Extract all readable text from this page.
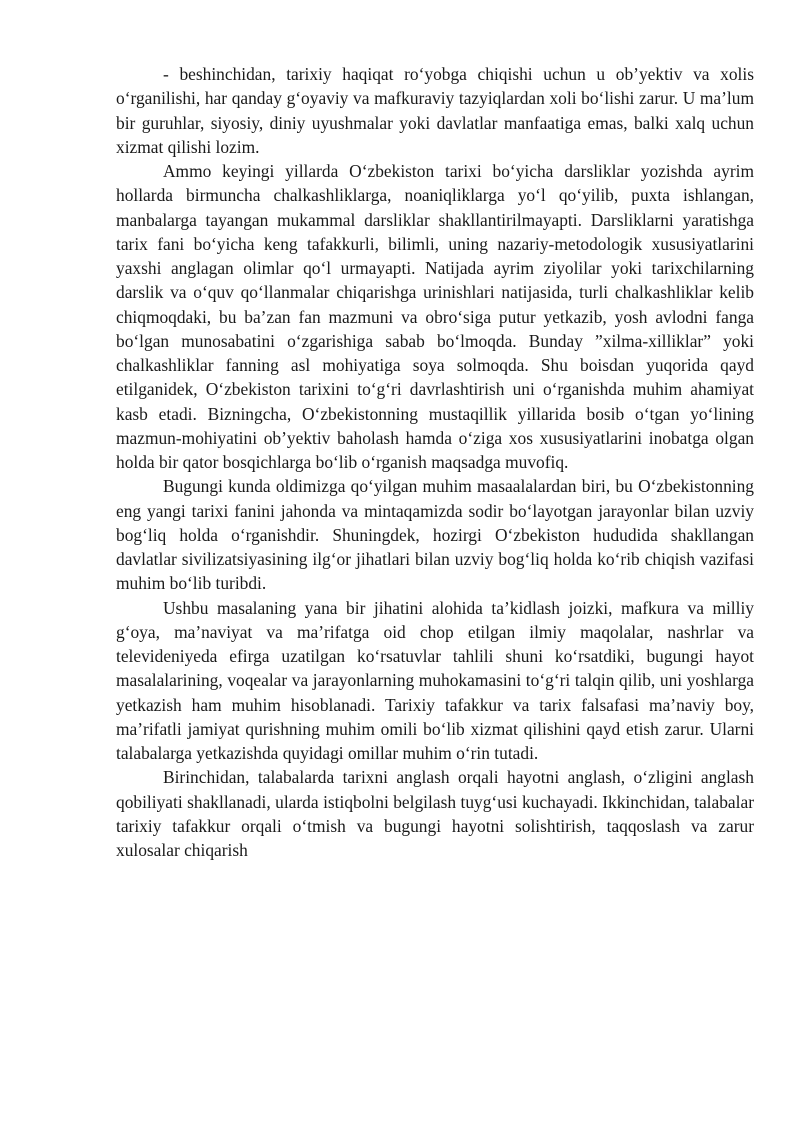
- beshinchidan, tarixiy haqiqat ro‘yobga chiqishi uchun u ob’yektiv va xolis o‘rganilishi, har qanday g‘oyaviy va mafkuraviy tazyiqlardan xoli bo‘lishi zarur. U ma’lum bir guruhlar, siyosiy, diniy uyushmalar yoki davlatlar manfaatiga emas, balki xalq uchun xizmat qilishi lozim.

Ammo keyingi yillarda O‘zbekiston tarixi bo‘yicha darsliklar yozishda ayrim hollarda birmuncha chalkashliklarga, noaniqliklarga yo‘l qo‘yilib, puxta ishlangan, manbalarga tayangan mukammal darsliklar shakllantirilmayapti. Darsliklarni yaratishga tarix fani bo‘yicha keng tafakkurli, bilimli, uning nazariy-metodologik xususiyatlarini yaxshi anglagan olimlar qo‘l urmayapti. Natijada ayrim ziyolilar yoki tarixchilarning darslik va o‘quv qo‘llanmalar chiqarishga urinishlari natijasida, turli chalkashliklar kelib chiqmoqdaki, bu ba’zan fan mazmuni va obro‘siga putur yetkazib, yosh avlodni fanga bo‘lgan munosabatini o‘zgarishiga sabab bo‘lmoqda. Bunday ”xilma-xilliklar” yoki chalkashliklar fanning asl mohiyatiga soya solmoqda. Shu boisdan yuqorida qayd etilganidek, O‘zbekiston tarixini to‘g‘ri davrlashtirish uni o‘rganishda muhim ahamiyat kasb etadi. Bizningcha, O‘zbekistonning mustaqillik yillarida bosib o‘tgan yo‘lining mazmun-mohiyatini ob’yektiv baholash hamda o‘ziga xos xususiyatlarini inobatga olgan holda bir qator bosqichlarga bo‘lib o‘rganish maqsadga muvofiq.

Bugungi kunda oldimizga qo‘yilgan muhim masaalalardan biri, bu O‘zbekistonning eng yangi tarixi fanini jahonda va mintaqamizda sodir bo‘layotgan jarayonlar bilan uzviy bog‘liq holda o‘rganishdir. Shuningdek, hozirgi O‘zbekiston hududida shakllangan davlatlar sivilizatsiyasining ilg‘or jihatlari bilan uzviy bog‘liq holda ko‘rib chiqish vazifasi muhim bo‘lib turibdi.

Ushbu masalaning yana bir jihatini alohida ta’kidlash joizki, mafkura va milliy g‘oya, ma’naviyat va ma’rifatga oid chop etilgan ilmiy maqolalar, nashrlar va televideniyeda efirga uzatilgan ko‘rsatuvlar tahlili shuni ko‘rsatdiki, bugungi hayot masalalarining, voqealar va jarayonlarning muhokamasini to‘g‘ri talqin qilib, uni yoshlarga yetkazish ham muhim hisoblanadi. Tarixiy tafakkur va tarix falsafasi ma’naviy boy, ma’rifatli jamiyat qurishning muhim omili bo‘lib xizmat qilishini qayd etish zarur. Ularni talabalarga yetkazishda quyidagi omillar muhim o‘rin tutadi.

Birinchidan, talabalarda tarixni anglash orqali hayotni anglash, o‘zligini anglash qobiliyati shakllanadi, ularda istiqbolni belgilash tuyg‘usi kuchayadi. Ikkinchidan, talabalar tarixiy tafakkur orqali o‘tmish va bugungi hayotni solishtirish, taqqoslash va zarur xulosalar chiqarish
